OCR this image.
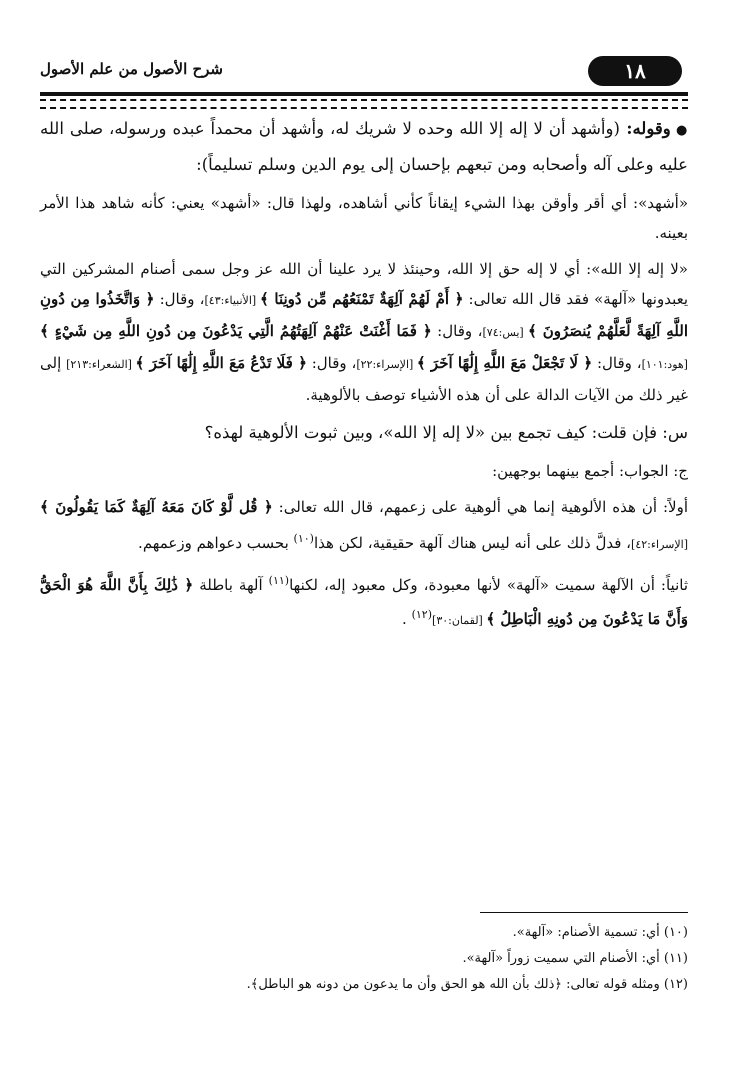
١٨
شرح الأصول من علم الأصول

● وقوله: (وأشهد أن لا إله إلا الله وحده لا شريك له، وأشهد أن محمداً عبده ورسوله، صلى الله عليه وعلى آله وأصحابه ومن تبعهم بإحسان إلى يوم الدين وسلم تسليماً):

«أشهد»: أي أقر وأوقن بهذا الشيء إيقاناً كأني أشاهده، ولهذا قال: «أشهد» يعني: كأنه شاهد هذا الأمر بعينه.

«لا إله إلا الله»: أي لا إله حق إلا الله، وحينئذ لا يرد علينا أن الله عز وجل سمى أصنام المشركين التي يعبدونها «آلهة» فقد قال الله تعالى: ﴿ أَمْ لَهُمْ آلِهَةٌ تَمْنَعُهُم مِّن دُونِنَا ﴾ [الأنبياء:٤٣]، وقال: ﴿ وَاتَّخَذُوا مِن دُونِ اللَّهِ آلِهَةً لَّعَلَّهُمْ يُنصَرُونَ ﴾ [يس:٧٤]، وقال: ﴿ فَمَا أَغْنَتْ عَنْهُمْ آلِهَتُهُمُ الَّتِي يَدْعُونَ مِن دُونِ اللَّهِ مِن شَيْءٍ ﴾ [هود:١٠١]، وقال: ﴿ لَا تَجْعَلْ مَعَ اللَّهِ إِلَٰهًا آخَرَ ﴾ [الإسراء:٢٢]، وقال: ﴿ فَلَا تَدْعُ مَعَ اللَّهِ إِلَٰهًا آخَرَ ﴾ [الشعراء:٢١٣] إلى غير ذلك من الآيات الدالة على أن هذه الأشياء توصف بالألوهية.

س: فإن قلت: كيف تجمع بين «لا إله إلا الله»، وبين ثبوت الألوهية لهذه؟

ج: الجواب: أجمع بينهما بوجهين:

أولاً: أن هذه الألوهية إنما هي ألوهية على زعمهم، قال الله تعالى: ﴿ قُل لَّوْ كَانَ مَعَهُ آلِهَةٌ كَمَا يَقُولُونَ ﴾ [الإسراء:٤٢]، فدلَّ ذلك على أنه ليس هناك آلهة حقيقية، لكن هذا$^{(١٠)}$ بحسب دعواهم وزعمهم.

ثانياً: أن الآلهة سميت «آلهة» لأنها معبودة، وكل معبود إله، لكنها$^{(١١)}$ آلهة باطلة ﴿ ذَٰلِكَ بِأَنَّ اللَّهَ هُوَ الْحَقُّ وَأَنَّ مَا يَدْعُونَ مِن دُونِهِ الْبَاطِلُ ﴾ [لقمان:٣٠]$^{(١٢)}$ .

(١٠) أي: تسمية الأصنام: «آلهة».
(١١) أي: الأصنام التي سميت زوراً «آلهة».
(١٢) ومثله قوله تعالى: ﴿ذلك بأن الله هو الحق وأن ما يدعون من دونه هو الباطل﴾.
